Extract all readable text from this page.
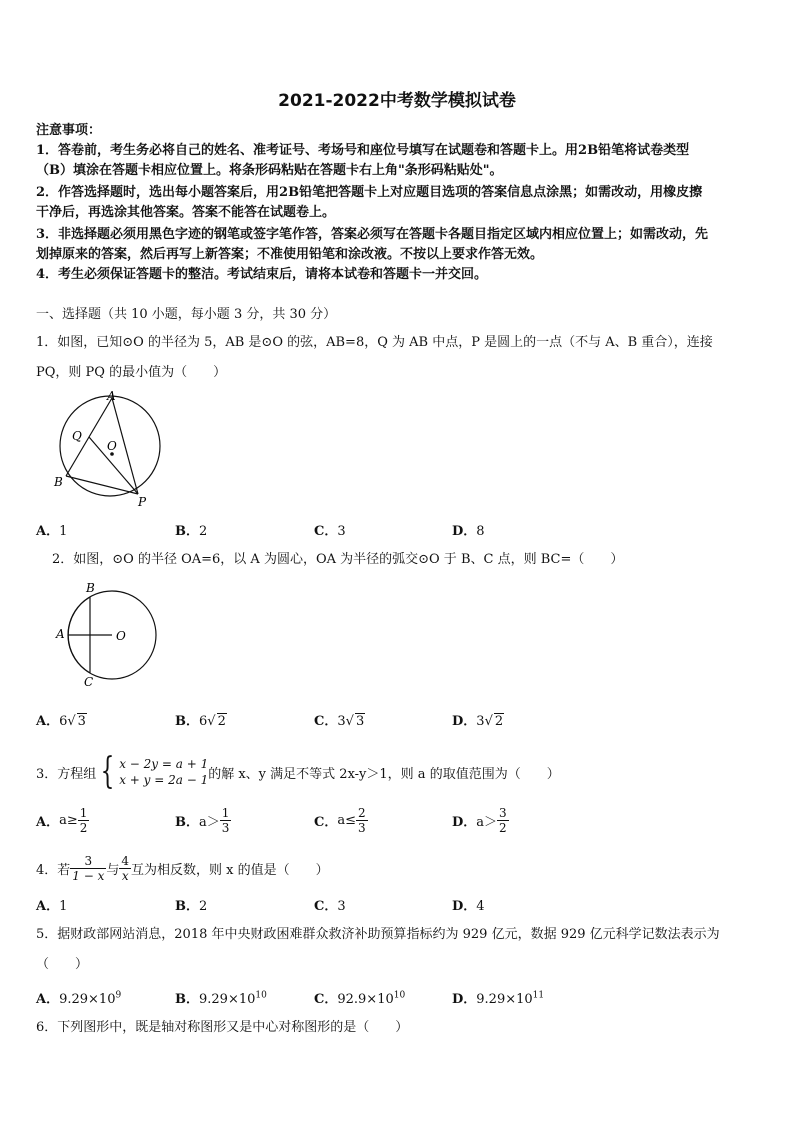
2021-2022中考数学模拟试卷
注意事项：
1．答卷前，考生务必将自己的姓名、准考证号、考场号和座位号填写在试题卷和答题卡上。用2B铅笔将试卷类型
（B）填涂在答题卡相应位置上。将条形码粘贴在答题卡右上角"条形码粘贴处"。
2．作答选择题时，选出每小题答案后，用2B铅笔把答题卡上对应题目选项的答案信息点涂黑；如需改动，用橡皮擦
干净后，再选涂其他答案。答案不能答在试题卷上。
3．非选择题必须用黑色字迹的钢笔或签字笔作答，答案必须写在答题卡各题目指定区域内相应位置上；如需改动，先
划掉原来的答案，然后再写上新答案；不准使用铅笔和涂改液。不按以上要求作答无效。
4．考生必须保证答题卡的整洁。考试结束后，请将本试卷和答题卡一并交回。
一、选择题（共 10 小题，每小题 3 分，共 30 分）
1．如图，已知⊙O 的半径为 5，AB 是⊙O 的弦，AB=8，Q 为 AB 中点，P 是圆上的一点（不与 A、B 重合），连接
PQ，则 PQ 的最小值为（　　）
A
Q
O
B
P
A．1	B．2	C．3	D．8
2．如图，⊙O 的半径 OA=6，以 A 为圆心，OA 为半径的弧交⊙O 于 B、C 点，则 BC=（　　）
B
A	O
C
A．6√ 3	B．6√ 2	C．3√ 3	D．3√ 2
3．方程组 { x − 2y = a + 1
x + y = 2a − 1 的解 x、y 满足不等式 2x-y＞1，则 a 的取值范围为（　　）
A． $a\ge \frac{1}{2}$	B． $a> \frac{1}{3}$	C． $a\le \frac{2}{3}$	D． $a> \frac{3}{2}$
4．若 $\frac{3}{1 - x}$ 与 $\frac{4}{x}$ 互为相反数，则 x 的值是（　　）
A．1	B．2	C．3	D．4
5．据财政部网站消息，2018 年中央财政困难群众救济补助预算指标约为 929 亿元，数据 929 亿元科学记数法表示为
（　　）
A．$9.29\times 10^9$	B．$9.29\times 10^{10}$	C．$92.9\times 10^{10}$	D．$9.29\times 10^{11}$
6．下列图形中，既是轴对称图形又是中心对称图形的是（　　）
